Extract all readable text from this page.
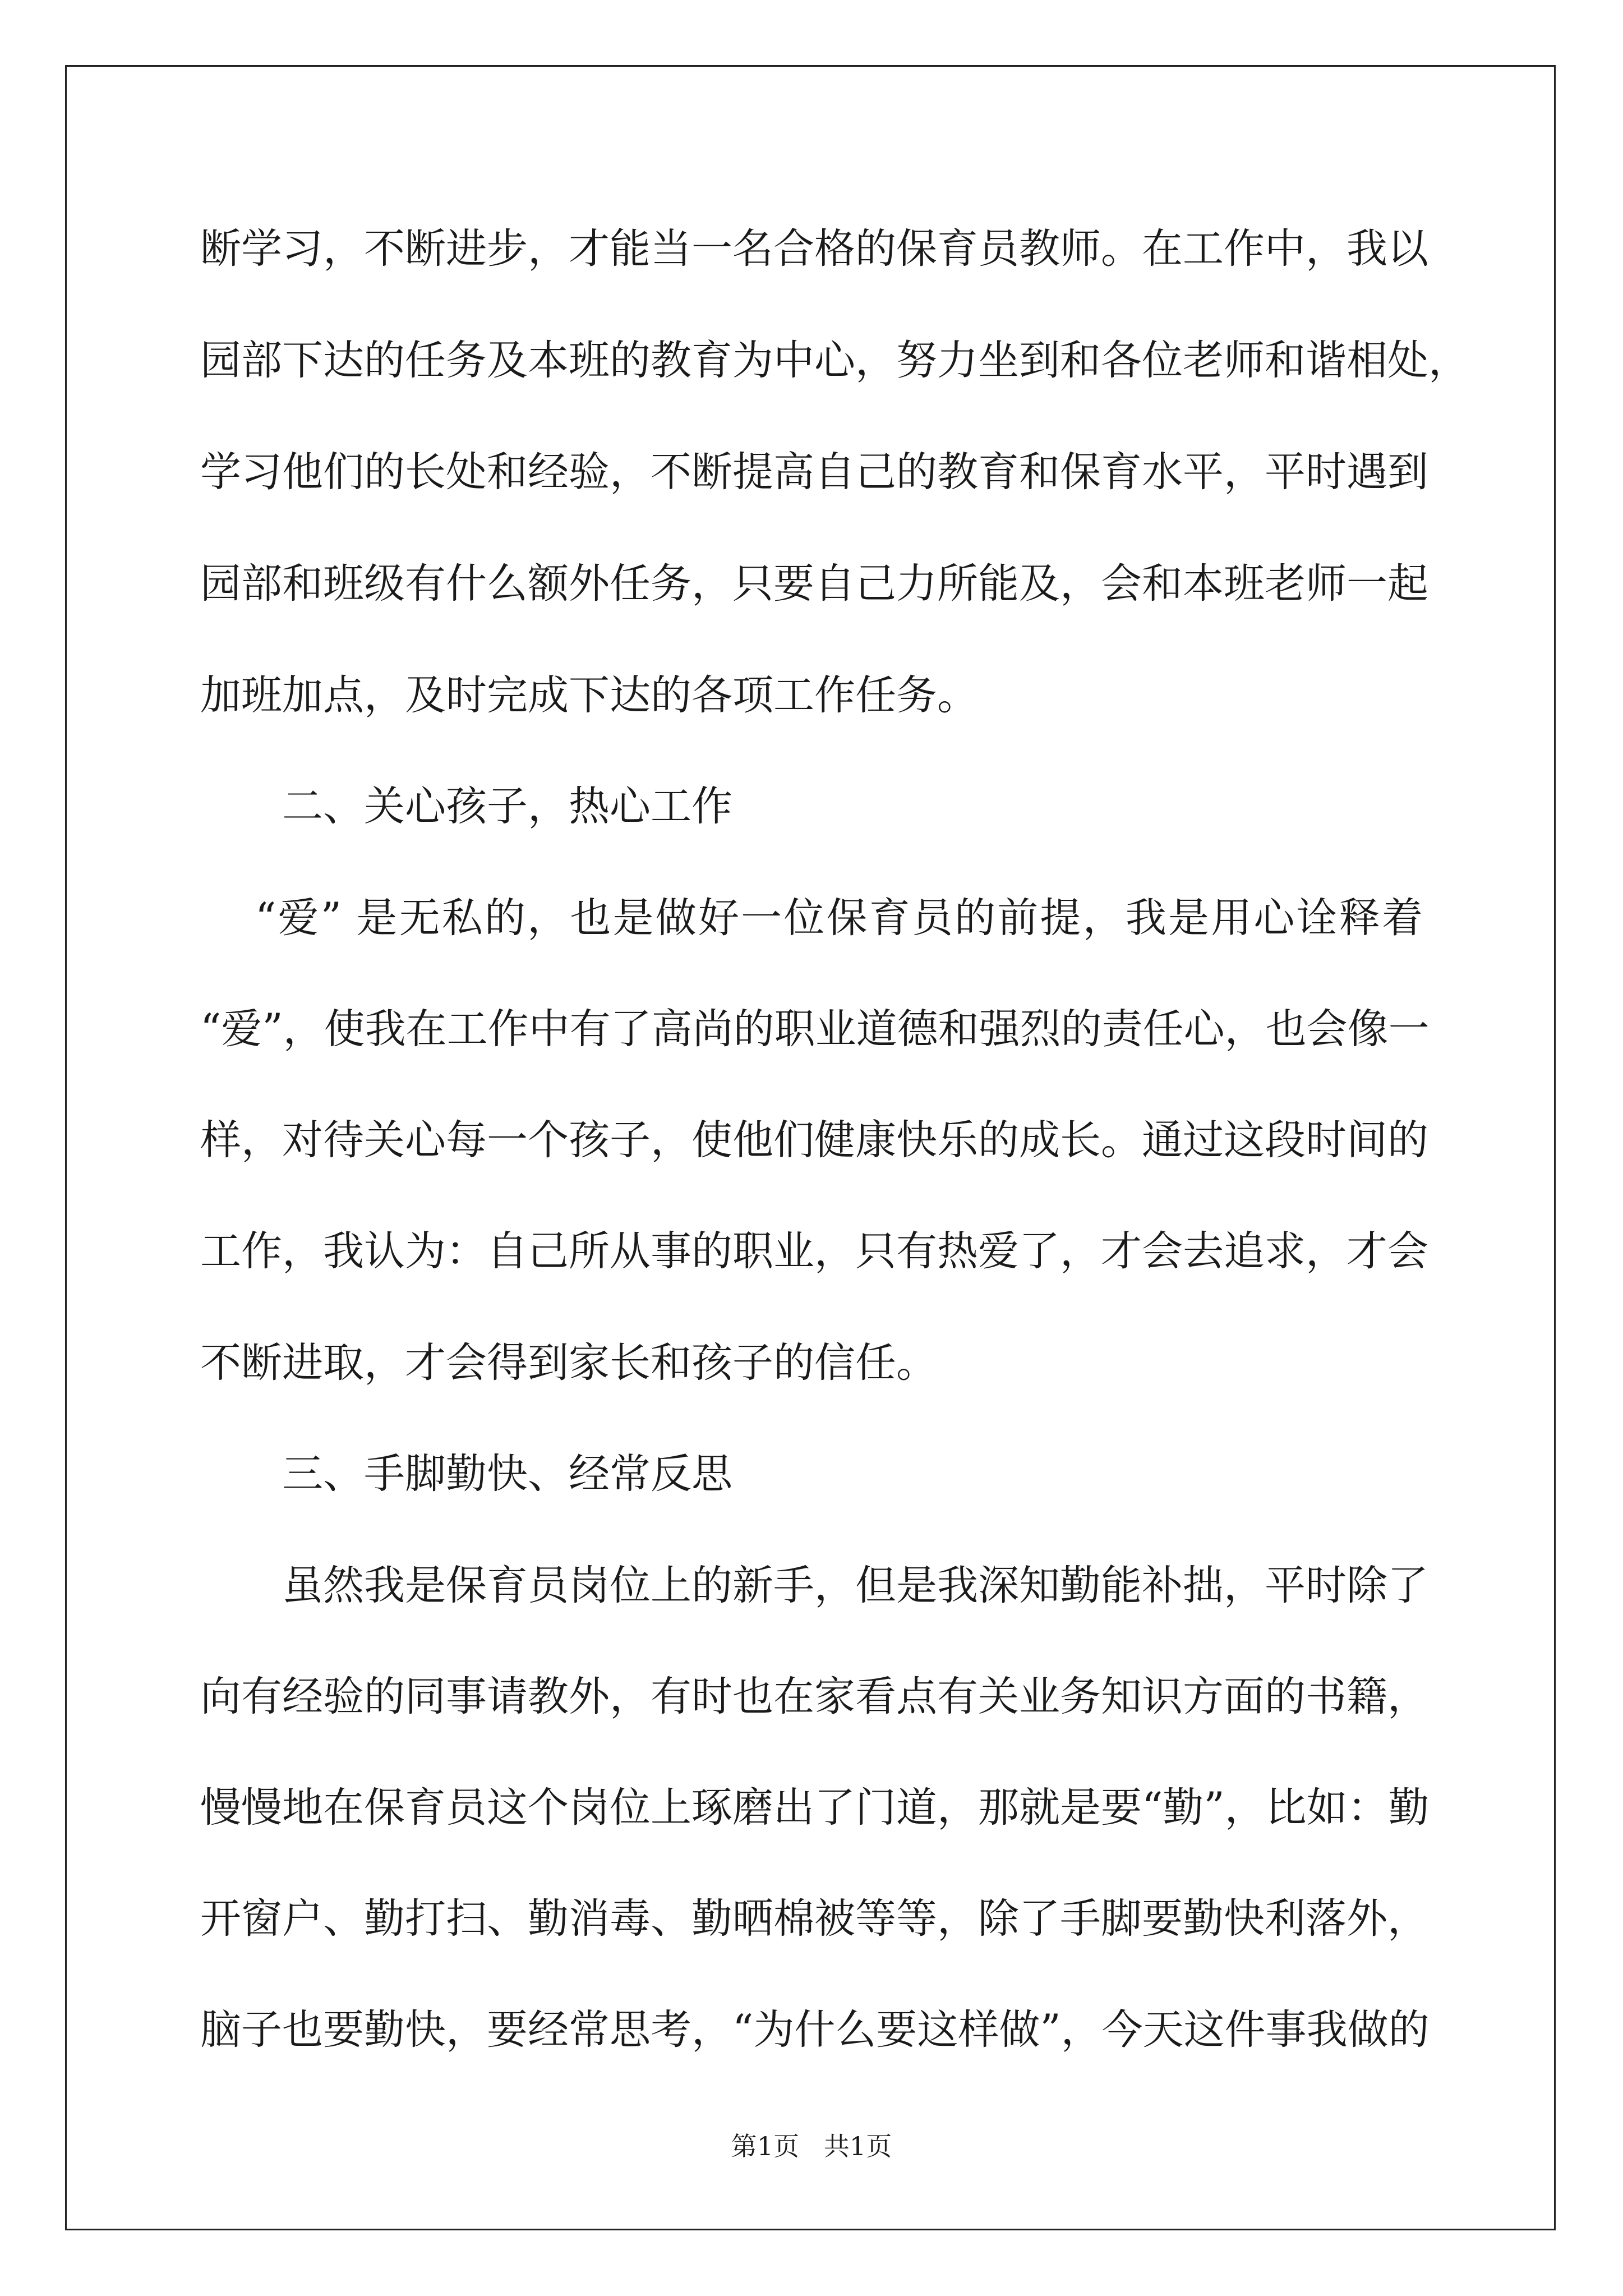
断学习，不断进步，才能当一名合格的保育员教师。在工作中，我以
园部下达的任务及本班的教育为中心，努力坐到和各位老师和谐相处，
学习他们的长处和经验，不断提高自己的教育和保育水平，平时遇到
园部和班级有什么额外任务，只要自己力所能及，会和本班老师一起
加班加点，及时完成下达的各项工作任务。
二、关心孩子，热心工作
“爱” 是无私的，也是做好一位保育员的前提，我是用心诠释着
“爱”，使我在工作中有了高尚的职业道德和强烈的责任心，也会像一
样，对待关心每一个孩子，使他们健康快乐的成长。通过这段时间的
工作，我认为：自己所从事的职业，只有热爱了，才会去追求，才会
不断进取，才会得到家长和孩子的信任。
三、手脚勤快、经常反思
虽然我是保育员岗位上的新手，但是我深知勤能补拙，平时除了
向有经验的同事请教外，有时也在家看点有关业务知识方面的书籍，
慢慢地在保育员这个岗位上琢磨出了门道，那就是要“勤”，比如：勤
开窗户、勤打扫、勤消毒、勤晒棉被等等，除了手脚要勤快利落外，
脑子也要勤快，要经常思考，“为什么要这样做”，今天这件事我做的
第1页   共1页
